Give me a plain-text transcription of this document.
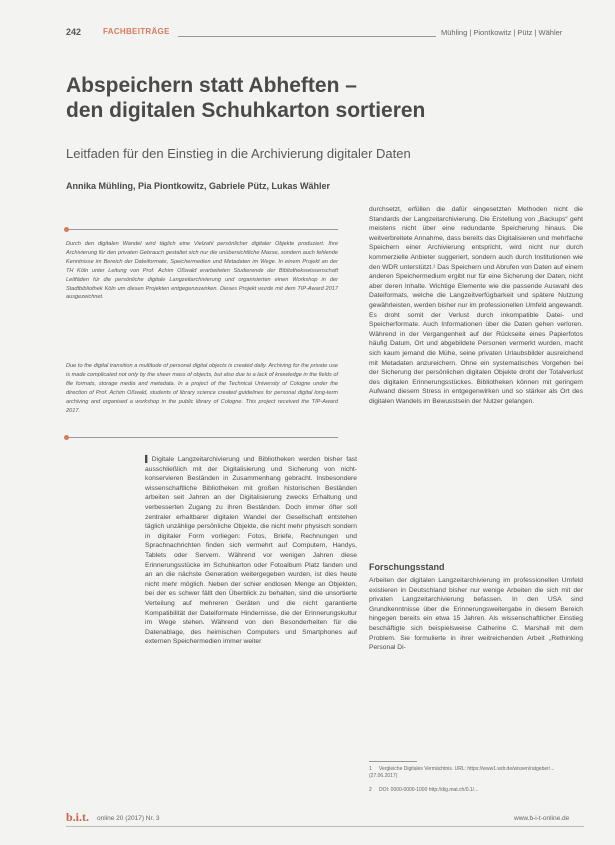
242	FACHBEITRÄGE	Mühling | Piontkowitz | Pütz | Wähler
Abspeichern statt Abheften –
den digitalen Schuhkarton sortieren
Leitfaden für den Einstieg in die Archivierung digitaler Daten
Annika Mühling, Pia Piontkowitz, Gabriele Pütz, Lukas Wähler
Durch den digitalen Wandel wird täglich eine Vielzahl persönlicher digitaler Objekte produziert. Ihre Archivierung für den privaten Gebrauch gestaltet sich nur die unübersichtliche Masse, sondern auch fehlende Kenntnisse im Bereich der Dateiformate, Speichermedien und Metadaten im Wege. In einem Projekt an der TH Köln unter Leitung von Prof. Achim Oßwald erarbeiteten Studierende der Bibliothekswissenschaft Leitfäden für die persönliche digitale Langzeitarchivierung und organisierten einen Workshop in der Stadtbibliothek Köln um diesen Projekten entgegenzuwirken. Dieses Projekt wurde mit dem TIP-Award 2017 ausgezeichnet.
Due to the digital transition a multitude of personal digital objects is created daily. Archiving for the private use is made complicated not only by the sheer mass of objects, but also due to a lack of knowledge in the fields of file formats, storage media and metadata. In a project of the Technical University of Cologne under the direction of Prof. Achim Oßwald, students of library science created guidelines for personal digital long-term archiving and organised a workshop in the public library of Cologne. This project received the TIP-Award 2017.
▌ Digitale Langzeitarchivierung und Bibliotheken werden bisher fast ausschließlich mit der Digitalisierung und Sicherung von nicht-konservieren Beständen in Zusammenhang gebracht. Insbesondere wissenschaftliche Bibliotheken mit großen historischen Beständen arbeiten seit Jahren an der Digitalisierung zwecks Erhaltung und verbesserten Zugang zu ihren Beständen. Doch immer öfter soll zentraler erhaltbarer digitalen Wandel der Gesellschaft entstehen täglich unzählige persönliche Objekte, die nicht mehr physisch sondern in digitaler Form vorliegen: Fotos, Briefe, Rechnungen und Sprachnachrichten finden sich vermehrt auf Computern, Handys, Tablets oder Servern. Während vor wenigen Jahren diese Erinnerungsstücke im Schuhkarton oder Fotoalbum Platz fanden und an an die nächste Generation weitergegeben wurden, ist dies heute nicht mehr möglich. Neben der schier endlosen Menge an Objekten, bei der es schwer fällt den Überblick zu behalten, sind die unsortierte Verteilung auf mehreren Geräten und die nicht garantierte Kompatibilität der Dateiformate Hindernisse, die der Erinnerungskultur im Wege stehen. Während von den Besonderheiten für die Datenablage, des heimischen Computers und Smartphones auf externen Speichermedien immer weiter
durchsetzt, erfüllen die dafür eingesetzten Methoden nicht die Standards der Langzeitarchivierung. Die Erstellung von „Backups“ geht meistens nicht über eine redundante Speicherung hinaus. Die weitverbreitete Annahme, dass bereits das Digitalisieren und mehrfache Speichern einer Archivierung entspricht, wird nicht nur durch kommerzielle Anbieter suggeriert, sondern auch durch Institutionen wie den WDR unterstützt.¹ Das Speichern und Abrufen von Daten auf einem anderen Speichermedium ergibt nur für eine Sicherung der Daten, nicht aber deren Inhalte. Wichtige Elemente wie die passende Auswahl des Dateiformats, welche die Langzeitverfügbarkeit und spätere Nutzung gewährleisten, werden bisher nur im professionellen Umfeld angewandt. Es droht somit der Verlust durch inkompatible Datei- und Speicherformate. Auch Informationen über die Daten gehen verloren. Während in der Vergangenheit auf der Rückseite eines Papierfotos häufig Datum, Ort und abgebildete Personen vermerkt wurden, macht sich kaum jemand die Mühe, seine privaten Urlaubsbilder ausreichend mit Metadaten anzureichern. Ohne ein systematisches Vorgehen bei der Sicherung der persönlichen digitalen Objekte droht der Totalverlust des digitalen Erinnerungsstückes. Bibliotheken können mit geringem Aufwand diesem Stress in entgegenwirken und so stärker als Ort des digitalen Wandels im Bewusstsein der Nutzer gelangen.
Forschungsstand
Arbeiten der digitalen Langzeitarchivierung im professionellen Umfeld existieren in Deutschland bisher nur wenige Arbeiten die sich mit der privaten Langzeitarchivierung befassen. In den USA sind Grundkenntnisse über die Erinnerungsweitergabe in diesem Bereich hingegen bereits ein etwa 15 Jahren. Als wissenschaftlicher Einstieg beschäftigte sich beispielsweise Catherine C. Marshall mit dem Problem. Sie formulierte in ihrer weitreichenden Arbeit „Rethinking Personal Di-
1 Vergleiche Digitales Vermächtnis. URL: https://www1.wdr.de/wissen/ratgeber/... (27.06.2017)
2 DOI: 0000-0000-1000 http://dig.mat.ch/0.1/...
b.i.t. online 20 (2017) Nr. 3	www.b-i-t-online.de
